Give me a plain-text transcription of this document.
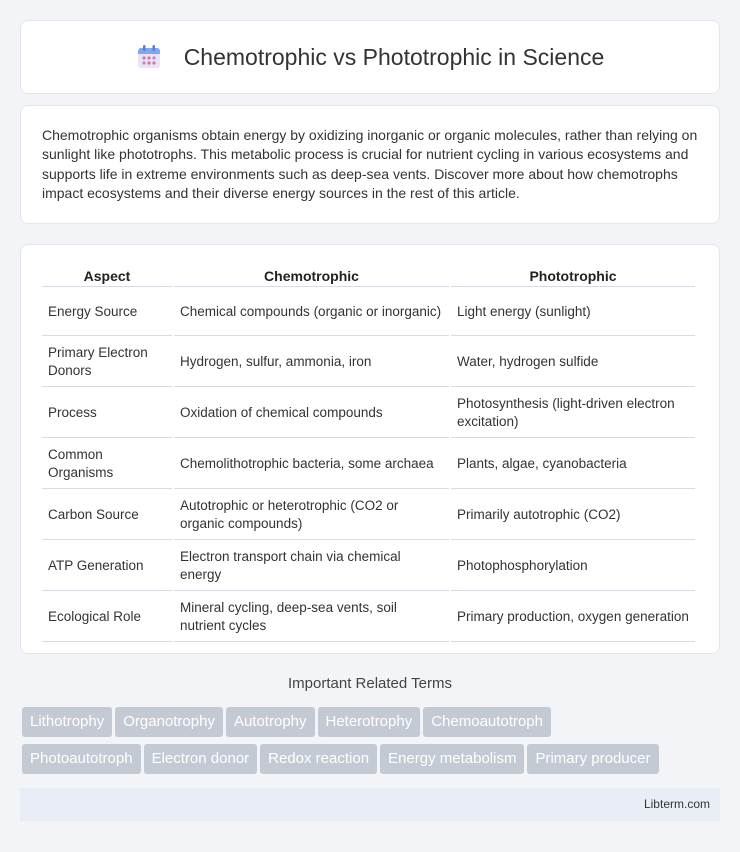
Chemotrophic vs Phototrophic in Science

Chemotrophic organisms obtain energy by oxidizing inorganic or organic molecules, rather than relying on sunlight like phototrophs. This metabolic process is crucial for nutrient cycling in various ecosystems and supports life in extreme environments such as deep-sea vents. Discover more about how chemotrophs impact ecosystems and their diverse energy sources in the rest of this article.

Aspect	Chemotrophic	Phototrophic
Energy Source	Chemical compounds (organic or inorganic)	Light energy (sunlight)
Primary Electron Donors	Hydrogen, sulfur, ammonia, iron	Water, hydrogen sulfide
Process	Oxidation of chemical compounds	Photosynthesis (light-driven electron excitation)
Common Organisms	Chemolithotrophic bacteria, some archaea	Plants, algae, cyanobacteria
Carbon Source	Autotrophic or heterotrophic (CO2 or organic compounds)	Primarily autotrophic (CO2)
ATP Generation	Electron transport chain via chemical energy	Photophosphorylation
Ecological Role	Mineral cycling, deep-sea vents, soil nutrient cycles	Primary production, oxygen generation
Important Related Terms
Lithotrophy Organotrophy Autotrophy Heterotrophy Chemoautotroph
Photoautotroph Electron donor Redox reaction Energy metabolism Primary producer
Libterm.com
